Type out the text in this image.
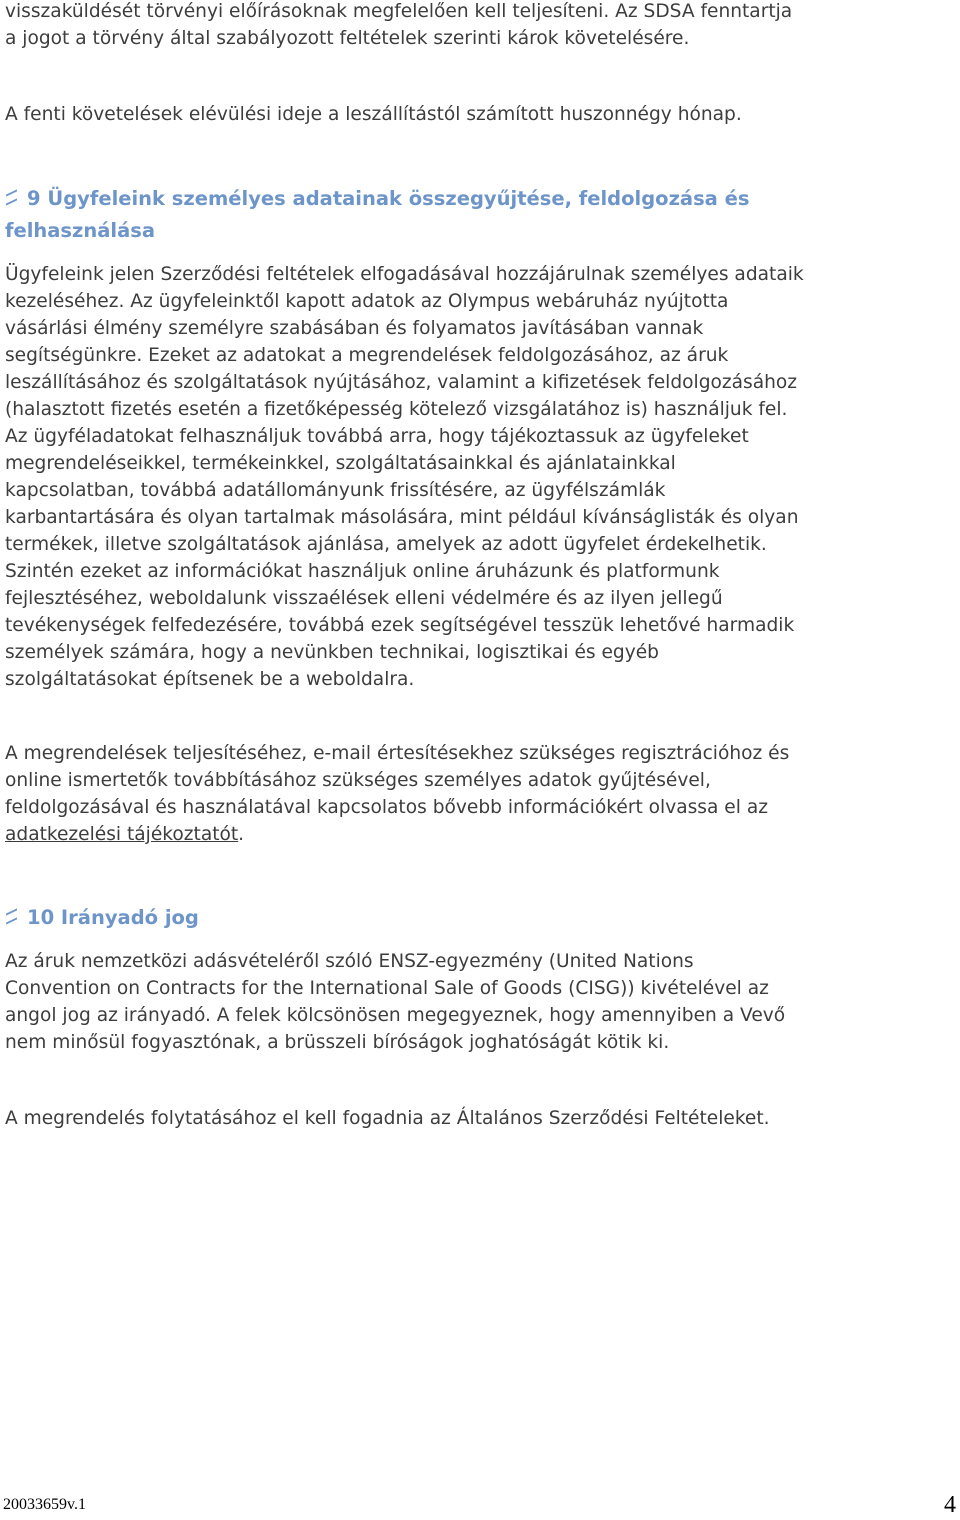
visszaküldését törvényi előírásoknak megfelelően kell teljesíteni. Az SDSA fenntartja
a jogot a törvény által szabályozott feltételek szerinti károk követelésére.

A fenti követelések elévülési ideje a leszállítástól számított huszonnégy hónap.

9 Ügyfeleink személyes adatainak összegyűjtése, feldolgozása és
felhasználása

Ügyfeleink jelen Szerződési feltételek elfogadásával hozzájárulnak személyes adataik
kezeléséhez. Az ügyfeleinktől kapott adatok az Olympus webáruház nyújtotta
vásárlási élmény személyre szabásában és folyamatos javításában vannak
segítségünkre. Ezeket az adatokat a megrendelések feldolgozásához, az áruk
leszállításához és szolgáltatások nyújtásához, valamint a kifizetések feldolgozásához
(halasztott fizetés esetén a fizetőképesség kötelező vizsgálatához is) használjuk fel.
Az ügyféladatokat felhasználjuk továbbá arra, hogy tájékoztassuk az ügyfeleket
megrendeléseikkel, termékeinkkel, szolgáltatásainkkal és ajánlatainkkal
kapcsolatban, továbbá adatállományunk frissítésére, az ügyfélszámlák
karbantartására és olyan tartalmak másolására, mint például kívánságlisták és olyan
termékek, illetve szolgáltatások ajánlása, amelyek az adott ügyfelet érdekelhetik.
Szintén ezeket az információkat használjuk online áruházunk és platformunk
fejlesztéséhez, weboldalunk visszaélések elleni védelmére és az ilyen jellegű
tevékenységek felfedezésére, továbbá ezek segítségével tesszük lehetővé harmadik
személyek számára, hogy a nevünkben technikai, logisztikai és egyéb
szolgáltatásokat építsenek be a weboldalra.

A megrendelések teljesítéséhez, e-mail értesítésekhez szükséges regisztrációhoz és
online ismertetők továbbításához szükséges személyes adatok gyűjtésével,
feldolgozásával és használatával kapcsolatos bővebb információkért olvassa el az
adatkezelési tájékoztatót.

10 Irányadó jog

Az áruk nemzetközi adásvételéről szóló ENSZ-egyezmény (United Nations
Convention on Contracts for the International Sale of Goods (CISG)) kivételével az
angol jog az irányadó. A felek kölcsönösen megegyeznek, hogy amennyiben a Vevő
nem minősül fogyasztónak, a brüsszeli bíróságok joghatóságát kötik ki.

A megrendelés folytatásához el kell fogadnia az Általános Szerződési Feltételeket.

20033659v.1	4
